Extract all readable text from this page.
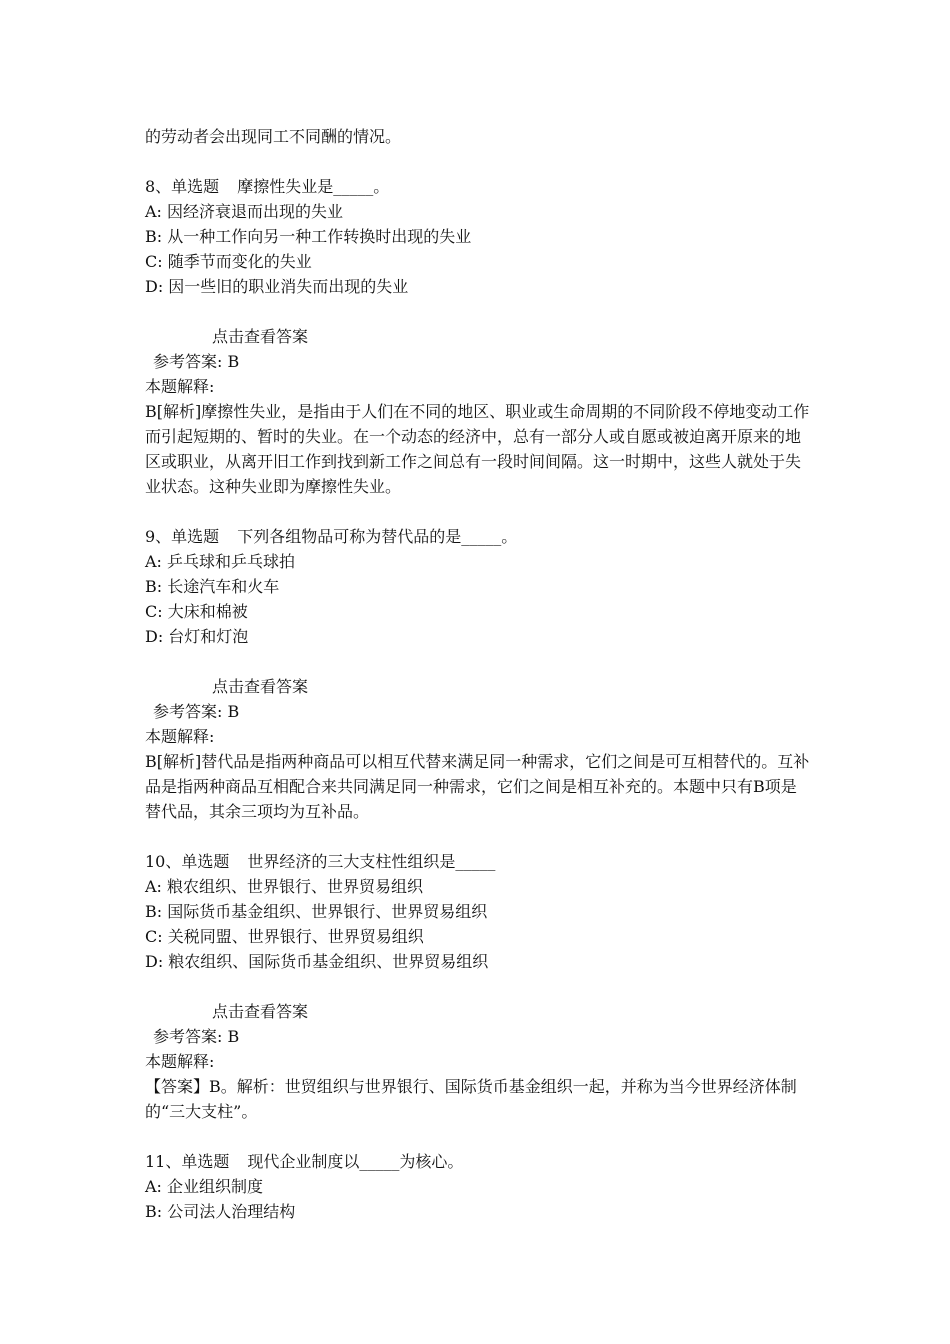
的劳动者会出现同工不同酬的情况。
8、单选题 摩擦性失业是_____。
A: 因经济衰退而出现的失业
B: 从一种工作向另一种工作转换时出现的失业
C: 随季节而变化的失业
D: 因一些旧的职业消失而出现的失业
点击查看答案
参考答案: B
本题解释:
B[解析]摩擦性失业，是指由于人们在不同的地区、职业或生命周期的不同阶段不停地变动工作而引起短期的、暂时的失业。在一个动态的经济中，总有一部分人或自愿或被迫离开原来的地区或职业，从离开旧工作到找到新工作之间总有一段时间间隔。这一时期中，这些人就处于失业状态。这种失业即为摩擦性失业。
9、单选题 下列各组物品可称为替代品的是_____。
A: 乒乓球和乒乓球拍
B: 长途汽车和火车
C: 大床和棉被
D: 台灯和灯泡
点击查看答案
参考答案: B
本题解释:
B[解析]替代品是指两种商品可以相互代替来满足同一种需求，它们之间是可互相替代的。互补品是指两种商品互相配合来共同满足同一种需求，它们之间是相互补充的。本题中只有B项是替代品，其余三项均为互补品。
10、单选题 世界经济的三大支柱性组织是_____
A: 粮农组织、世界银行、世界贸易组织
B: 国际货币基金组织、世界银行、世界贸易组织
C: 关税同盟、世界银行、世界贸易组织
D: 粮农组织、国际货币基金组织、世界贸易组织
点击查看答案
参考答案: B
本题解释:
【答案】B。解析：世贸组织与世界银行、国际货币基金组织一起，并称为当今世界经济体制的“三大支柱”。
11、单选题 现代企业制度以_____为核心。
A: 企业组织制度
B: 公司法人治理结构
